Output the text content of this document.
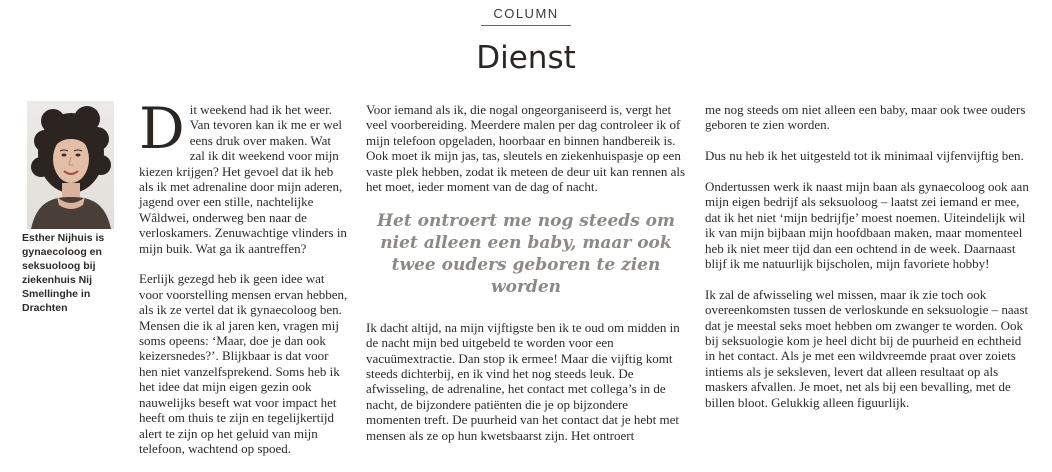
COLUMN
Dienst
Esther Nijhuis is gynaecoloog en seksuoloog bij ziekenhuis Nij Smellinghe in Drachten

Dit weekend had ik het weer. Van tevoren kan ik me er wel eens druk over maken. Wat zal ik dit weekend voor mijn kiezen krijgen? Het gevoel dat ik heb als ik met adrenaline door mijn aderen, jagend over een stille, nachtelijke Wâldwei, onderweg ben naar de verloskamers. Zenuwachtige vlinders in mijn buik. Wat ga ik aantreffen?

Eerlijk gezegd heb ik geen idee wat voor voorstelling mensen ervan hebben, als ik ze vertel dat ik gynaecoloog ben. Mensen die ik al jaren ken, vragen mij soms opeens: ‘Maar, doe je dan ook keizersnedes?’. Blijkbaar is dat voor hen niet vanzelfsprekend. Soms heb ik het idee dat mijn eigen gezin ook nauwelijks beseft wat voor impact het heeft om thuis te zijn en tegelijkertijd alert te zijn op het geluid van mijn telefoon, wachtend op spoed.

Voor iemand als ik, die nogal ongeorganiseerd is, vergt het veel voorbereiding. Meerdere malen per dag controleer ik of mijn telefoon opgeladen, hoorbaar en binnen handbereik is. Ook moet ik mijn jas, tas, sleutels en ziekenhuispasje op een vaste plek hebben, zodat ik meteen de deur uit kan rennen als het moet, ieder moment van de dag of nacht.

Het ontroert me nog steeds om niet alleen een baby, maar ook twee ouders geboren te zien worden

Ik dacht altijd, na mijn vijftigste ben ik te oud om midden in de nacht mijn bed uitgebeld te worden voor een vacuümextractie. Dan stop ik ermee! Maar die vijftig komt steeds dichterbij, en ik vind het nog steeds leuk. De afwisseling, de adrenaline, het contact met collega’s in de nacht, de bijzondere patiënten die je op bijzondere momenten treft. De puurheid van het contact dat je hebt met mensen als ze op hun kwetsbaarst zijn. Het ontroert

me nog steeds om niet alleen een baby, maar ook twee ouders geboren te zien worden.

Dus nu heb ik het uitgesteld tot ik minimaal vijfenvijftig ben.

Ondertussen werk ik naast mijn baan als gynaecoloog ook aan mijn eigen bedrijf als seksuoloog – laatst zei iemand er mee, dat ik het niet ‘mijn bedrijfje’ moest noemen. Uiteindelijk wil ik van mijn bijbaan mijn hoofdbaan maken, maar momenteel heb ik niet meer tijd dan een ochtend in de week. Daarnaast blijf ik me natuurlijk bijscholen, mijn favoriete hobby!

Ik zal de afwisseling wel missen, maar ik zie toch ook overeenkomsten tussen de verloskunde en seksuologie – naast dat je meestal seks moet hebben om zwanger te worden. Ook bij seksuologie kom je heel dicht bij de puurheid en echtheid in het contact. Als je met een wildvreemde praat over zoiets intiems als je seksleven, levert dat alleen resultaat op als maskers afvallen. Je moet, net als bij een bevalling, met de billen bloot. Gelukkig alleen figuurlijk.
